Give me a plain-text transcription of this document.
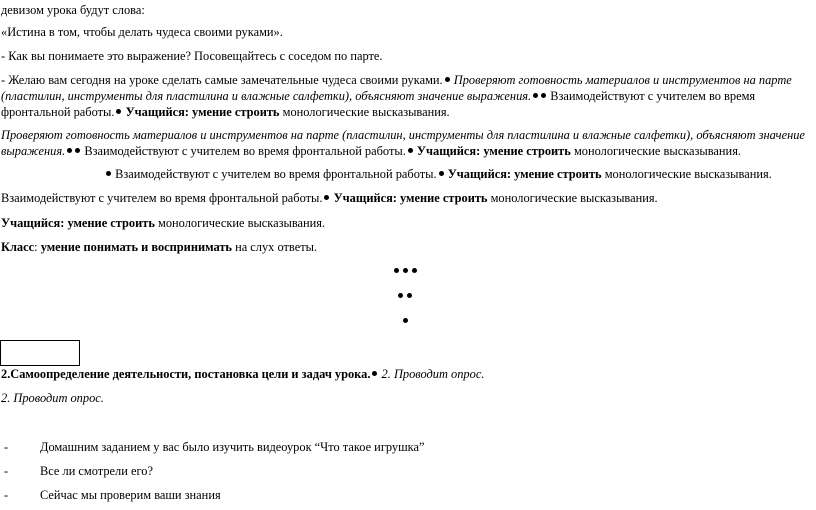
девизом урока будут слова:
«Истина в том, чтобы делать чудеса своими руками».
- Как вы понимаете это выражение? Посовещайтесь с соседом по парте.
- Желаю вам сегодня на уроке сделать самые замечательные чудеса своими руками. Проверяют готовность материалов и инструментов на парте
(пластилин, инструменты для пластилина и влажные салфетки), объясняют значение выражения. Взаимодействуют с учителем во время
фронтальной работы. Учащийся: умение строить монологические высказывания.
Проверяют готовность материалов и инструментов на парте (пластилин, инструменты для пластилина и влажные салфетки), объясняют значение
выражения. Взаимодействуют с учителем во время фронтальной работы. Учащийся: умение строить монологические высказывания.
Взаимодействуют с учителем во время фронтальной работы. Учащийся: умение строить монологические высказывания.
Взаимодействуют с учителем во время фронтальной работы. Учащийся: умение строить монологические высказывания.
Учащийся: умение строить монологические высказывания.
Класс: умение понимать и воспринимать на слух ответы.
2.Самоопределение деятельности, постановка цели и задач урока. 2. Проводит опрос.
2. Проводит опрос.
-	Домашним заданием у вас было изучить видеоурок “Что такое игрушка”
-	Все ли смотрели его?
-	Сейчас мы проверим ваши знания
